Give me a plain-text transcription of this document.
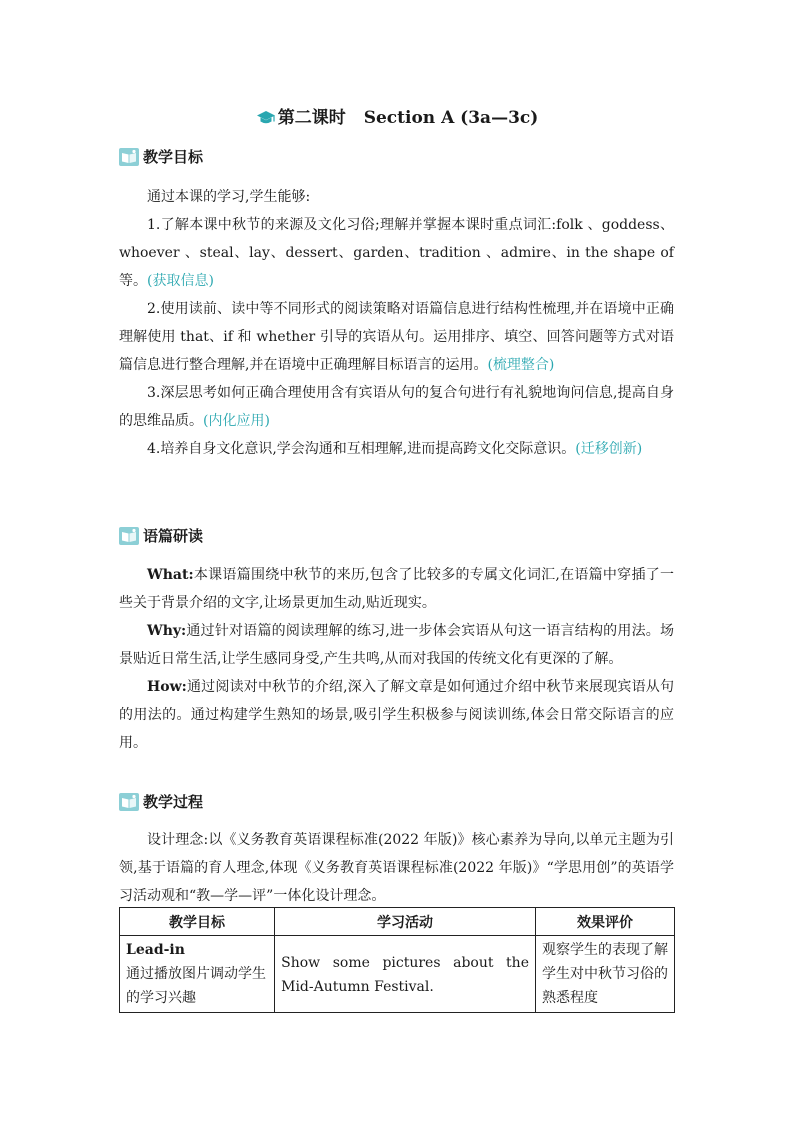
第二课时 Section A (3a—3c)
教学目标

通过本课的学习,学生能够:

1.了解本课中秋节的来源及文化习俗;理解并掌握本课时重点词汇:folk 、goddess、whoever 、steal、lay、dessert、garden、tradition 、admire、in the shape of 等。(获取信息)

2.使用读前、读中等不同形式的阅读策略对语篇信息进行结构性梳理,并在语境中正确理解使用 that、if 和 whether 引导的宾语从句。运用排序、填空、回答问题等方式对语篇信息进行整合理解,并在语境中正确理解目标语言的运用。(梳理整合)

3.深层思考如何正确合理使用含有宾语从句的复合句进行有礼貌地询问信息,提高自身的思维品质。(内化应用)

4.培养自身文化意识,学会沟通和互相理解,进而提高跨文化交际意识。(迁移创新)

语篇研读

What:本课语篇围绕中秋节的来历,包含了比较多的专属文化词汇,在语篇中穿插了一些关于背景介绍的文字,让场景更加生动,贴近现实。

Why:通过针对语篇的阅读理解的练习,进一步体会宾语从句这一语言结构的用法。场景贴近日常生活,让学生感同身受,产生共鸣,从而对我国的传统文化有更深的了解。

How:通过阅读对中秋节的介绍,深入了解文章是如何通过介绍中秋节来展现宾语从句的用法的。通过构建学生熟知的场景,吸引学生积极参与阅读训练,体会日常交际语言的应用。

教学过程

设计理念:以《义务教育英语课程标准(2022 年版)》核心素养为导向,以单元主题为引领,基于语篇的育人理念,体现《义务教育英语课程标准(2022 年版)》“学思用创”的英语学习活动观和“教—学—评”一体化设计理念。

教学目标	学习活动	效果评价

Lead-in
通过播放图片调动学生的学习兴趣	Show some pictures about the Mid-Autumn Festival.	观察学生的表现了解学生对中秋节习俗的熟悉程度
